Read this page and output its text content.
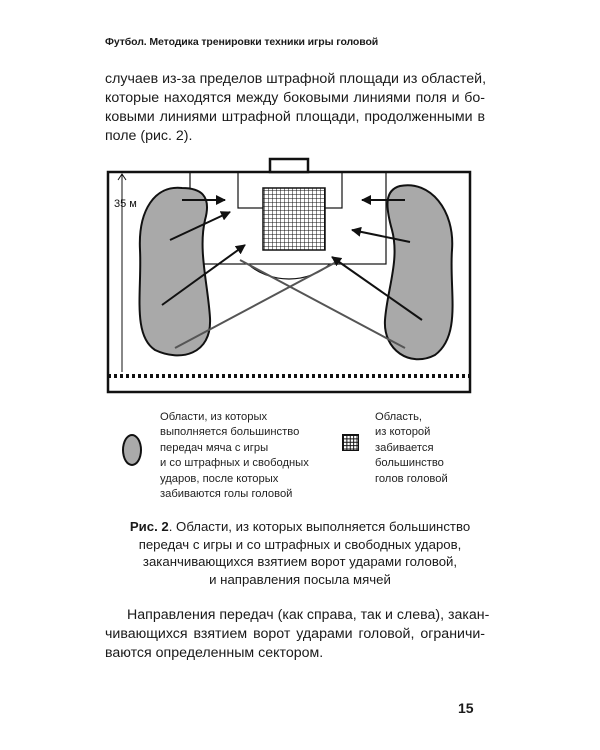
Футбол. Методика тренировки техники игры головой
случаев из-за пределов штрафной площади из областей,
которые находятся между боковыми линиями поля и бо-
ковыми линиями штрафной площади, продолженными в
поле (рис. 2).
35 м
Области, из которых
выполняется большинство
передач мяча с игры
и со штрафных и свободных
ударов, после которых
забиваются голы головой
Область,
из которой
забивается
большинство
голов головой
Рис. 2. Области, из которых выполняется большинство
передач с игры и со штрафных и свободных ударов,
заканчивающихся взятием ворот ударами головой,
и направления посыла мячей
Направления передач (как справа, так и слева), закан-
чивающихся взятием ворот ударами головой, ограничи-
ваются определенным сектором.
15
